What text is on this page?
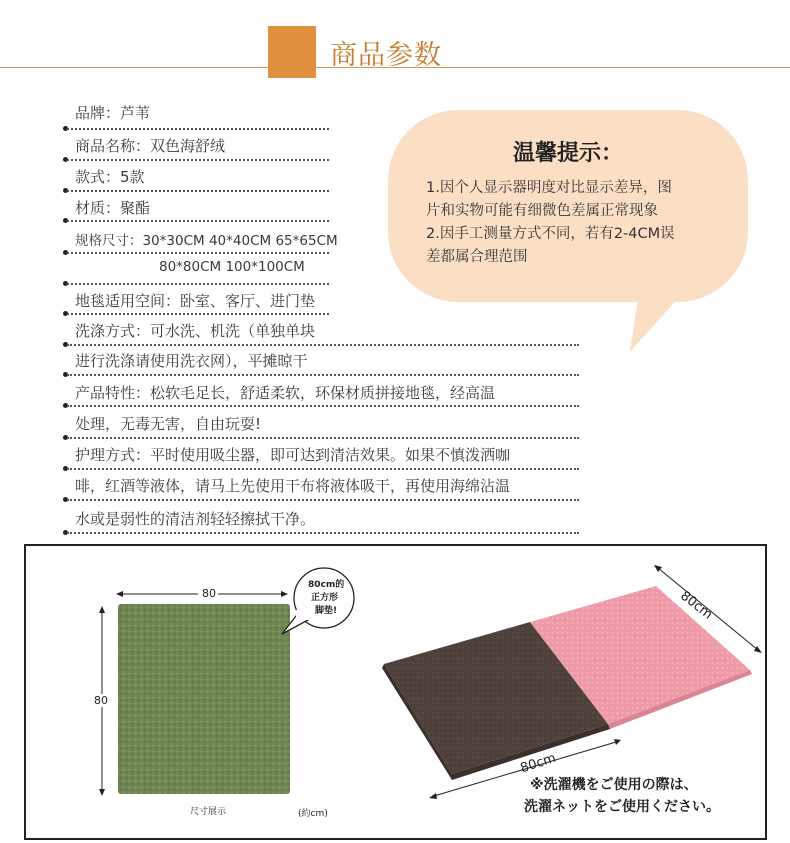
商品参数
品牌：芦苇
商品名称：双色海舒绒
款式：5款
材质：聚酯
规格尺寸：30*30CM 40*40CM 65*65CM
80*80CM 100*100CM
地毯适用空间：卧室、客厅、进门垫
洗涤方式：可水洗、机洗（单独单块
进行洗涤请使用洗衣网），平摊晾干
产品特性：松软毛足长，舒适柔软，环保材质拼接地毯，经高温
处理，无毒无害，自由玩耍!
护理方式：平时使用吸尘器，即可达到清洁效果。如果不慎泼洒咖
啡，红酒等液体，请马上先使用干布将液体吸干，再使用海绵沾温
水或是弱性的清洁剂轻轻擦拭干净。
温馨提示：
1.因个人显示器明度对比显示差异，图
片和实物可能有细微色差属正常现象
2.因手工测量方式不同，若有2-4CM误
差都属合理范围
80
80
80cm的
正方形
脚垫!
尺寸展示	(約cm)
80cm
80cm
※洗濯機をご使用の際は、
洗濯ネットをご使用ください。
